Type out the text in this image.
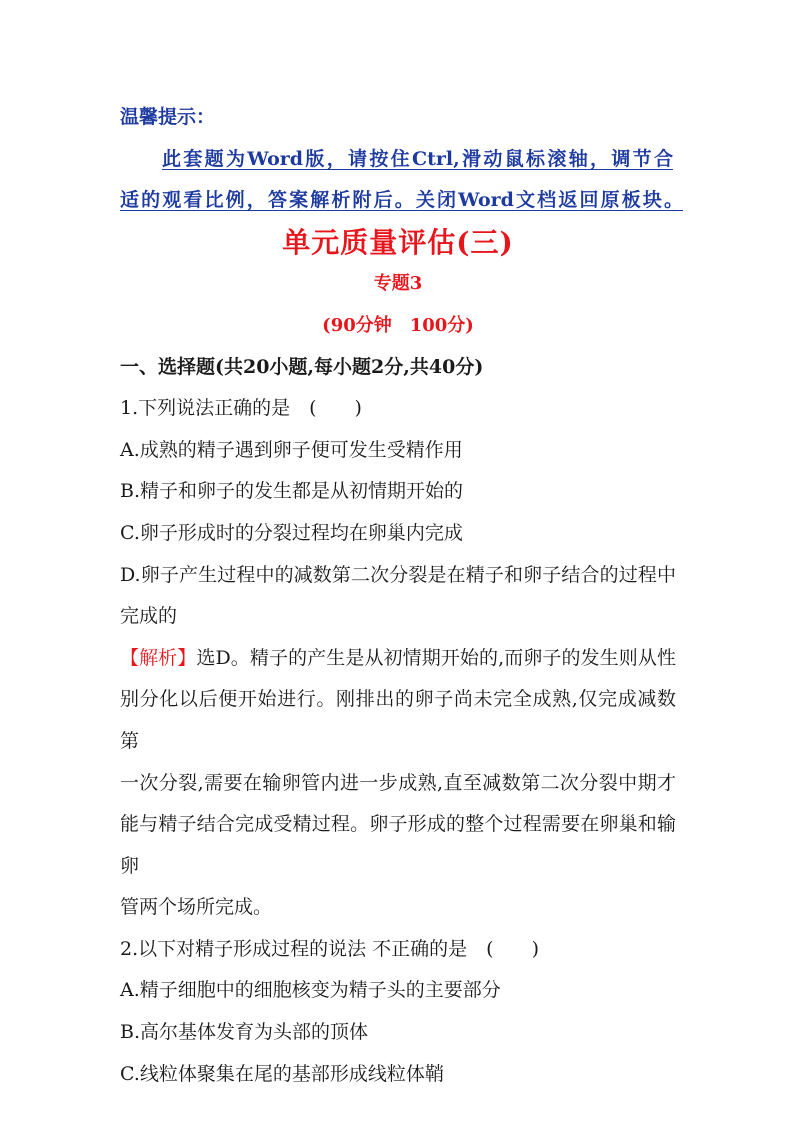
温馨提示：
此套题为Word版，请按住Ctrl,滑动鼠标滚轴，调节合
适的观看比例，答案解析附后。关闭Word文档返回原板块。
单元质量评估(三)
专题3
(90分钟　100分)
一、选择题(共20小题,每小题2分,共40分)
1.下列说法正确的是　(　　)
A.成熟的精子遇到卵子便可发生受精作用
B.精子和卵子的发生都是从初情期开始的
C.卵子形成时的分裂过程均在卵巢内完成
D.卵子产生过程中的减数第二次分裂是在精子和卵子结合的过程中
完成的
【解析】选D。精子的产生是从初情期开始的,而卵子的发生则从性
别分化以后便开始进行。刚排出的卵子尚未完全成熟,仅完成减数第
一次分裂,需要在输卵管内进一步成熟,直至减数第二次分裂中期才
能与精子结合完成受精过程。卵子形成的整个过程需要在卵巢和输卵
管两个场所完成。
2.以下对精子形成过程的说法 不正确的是　(　　)
A.精子细胞中的细胞核变为精子头的主要部分
B.高尔基体发育为头部的顶体
C.线粒体聚集在尾的基部形成线粒体鞘
